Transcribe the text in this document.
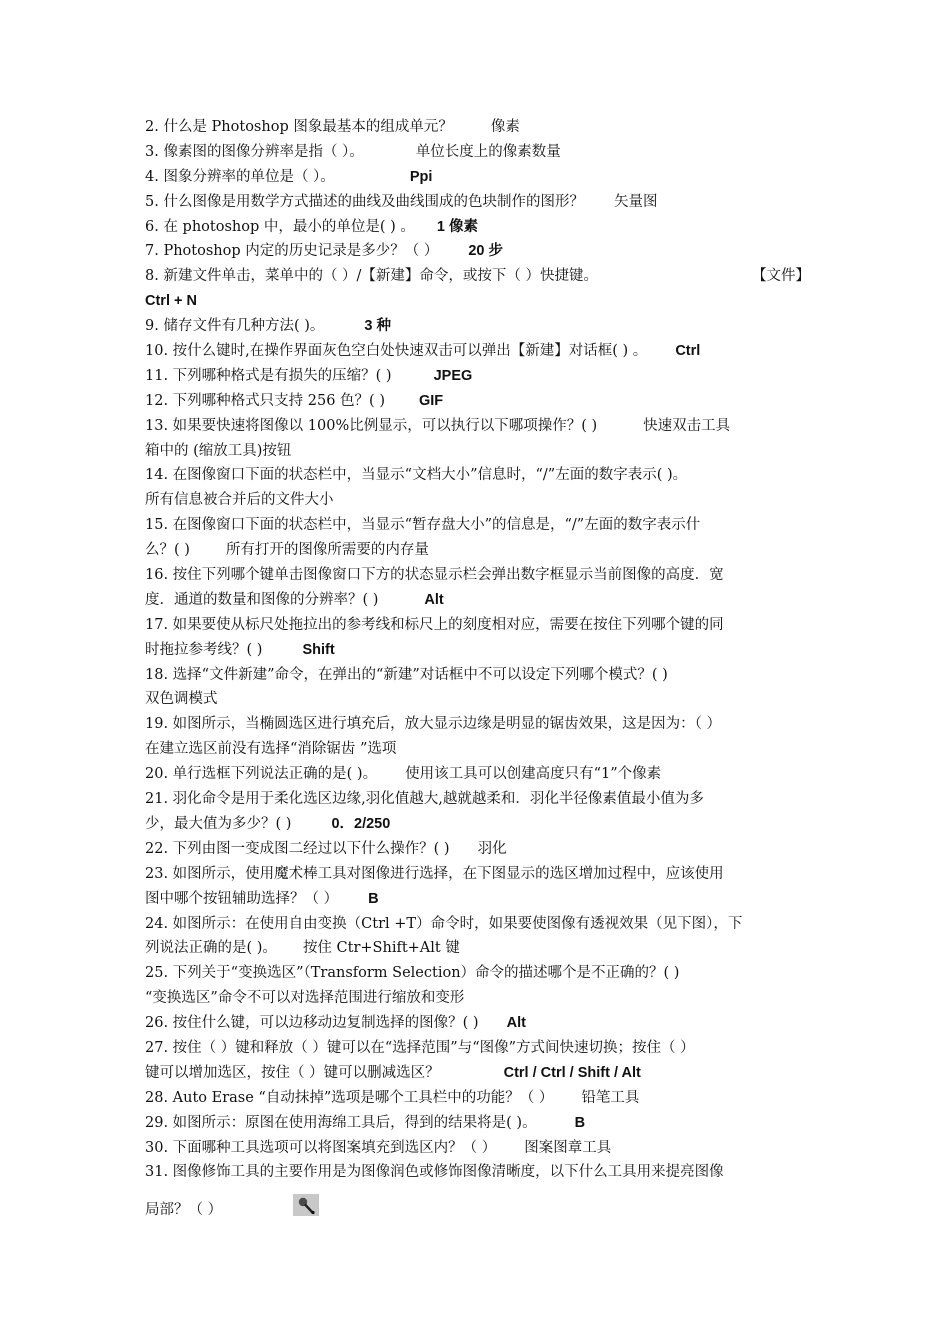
2. 什么是 Photoshop 图象最基本的组成单元？	像素
3. 像素图的图像分辨率是指（ ）。	单位长度上的像素数量
4. 图象分辨率的单位是（ ）。	Ppi
5. 什么图像是用数学方式描述的曲线及曲线围成的色块制作的图形？ 矢量图
6. 在 photoshop 中，最小的单位是( ) 。 1 像素
7. Photoshop 内定的历史记录是多少？（ ） 20 步
8. 新建文件单击，菜单中的（ ）/【新建】命令，或按下（ ）快捷键。	【文件】
Ctrl + N
9. 储存文件有几种方法( )。	3 种
10. 按什么键时,在操作界面灰色空白处快速双击可以弹出【新建】对话框( ) 。 Ctrl
11. 下列哪种格式是有损失的压缩？( )	JPEG
12. 下列哪种格式只支持 256 色？( ) GIF
13. 如果要快速将图像以 100%比例显示，可以执行以下哪项操作？( )	快速双击工具
箱中的 (缩放工具)按钮
14. 在图像窗口下面的状态栏中，当显示“文档大小”信息时，“/”左面的数字表示( )。
所有信息被合并后的文件大小
15. 在图像窗口下面的状态栏中，当显示“暂存盘大小”的信息是，“/”左面的数字表示什
么？( ) 所有打开的图像所需要的内存量
16. 按住下列哪个键单击图像窗口下方的状态显示栏会弹出数字框显示当前图像的高度．宽
度．通道的数量和图像的分辨率？( )	Alt
17. 如果要使从标尺处拖拉出的参考线和标尺上的刻度相对应，需要在按住下列哪个键的同
时拖拉参考线？( )	Shift
18. 选择“文件新建”命令，在弹出的“新建”对话框中不可以设定下列哪个模式？( )
双色调模式
19. 如图所示，当椭圆选区进行填充后，放大显示边缘是明显的锯齿效果，这是因为：（ ）
在建立选区前没有选择“消除锯齿 ”选项
20. 单行选框下列说法正确的是( )。 使用该工具可以创建高度只有“1”个像素
21. 羽化命令是用于柔化选区边缘,羽化值越大,越就越柔和．羽化半径像素值最小值为多
少，最大值为多少？( )	0．2/250
22. 下列由图一变成图二经过以下什么操作？( ) 羽化
23. 如图所示，使用魔术棒工具对图像进行选择，在下图显示的选区增加过程中，应该使用
图中哪个按钮辅助选择？（ ） B
24. 如图所示：在使用自由变换（Ctrl +T）命令时，如果要使图像有透视效果（见下图），下
列说法正确的是( )。 按住 Ctr+Shift+Alt 键
25. 下列关于“变换选区”（Transform Selection）命令的描述哪个是不正确的？( )
“变换选区”命令不可以对选择范围进行缩放和变形
26. 按住什么键，可以边移动边复制选择的图像？( ) Alt
27. 按住（ ）键和释放（ ）键可以在“选择范围”与“图像”方式间快速切换；按住（ ）
键可以增加选区，按住（ ）键可以删减选区？	Ctrl / Ctrl / Shift / Alt
28. Auto Erase “自动抹掉”选项是哪个工具栏中的功能？（ ） 铅笔工具
29. 如图所示：原图在使用海绵工具后，得到的结果将是( )。	B
30. 下面哪种工具选项可以将图案填充到选区内？（ ） 图案图章工具
31. 图像修饰工具的主要作用是为图像润色或修饰图像清晰度，以下什么工具用来提亮图像
局部？（ ）
